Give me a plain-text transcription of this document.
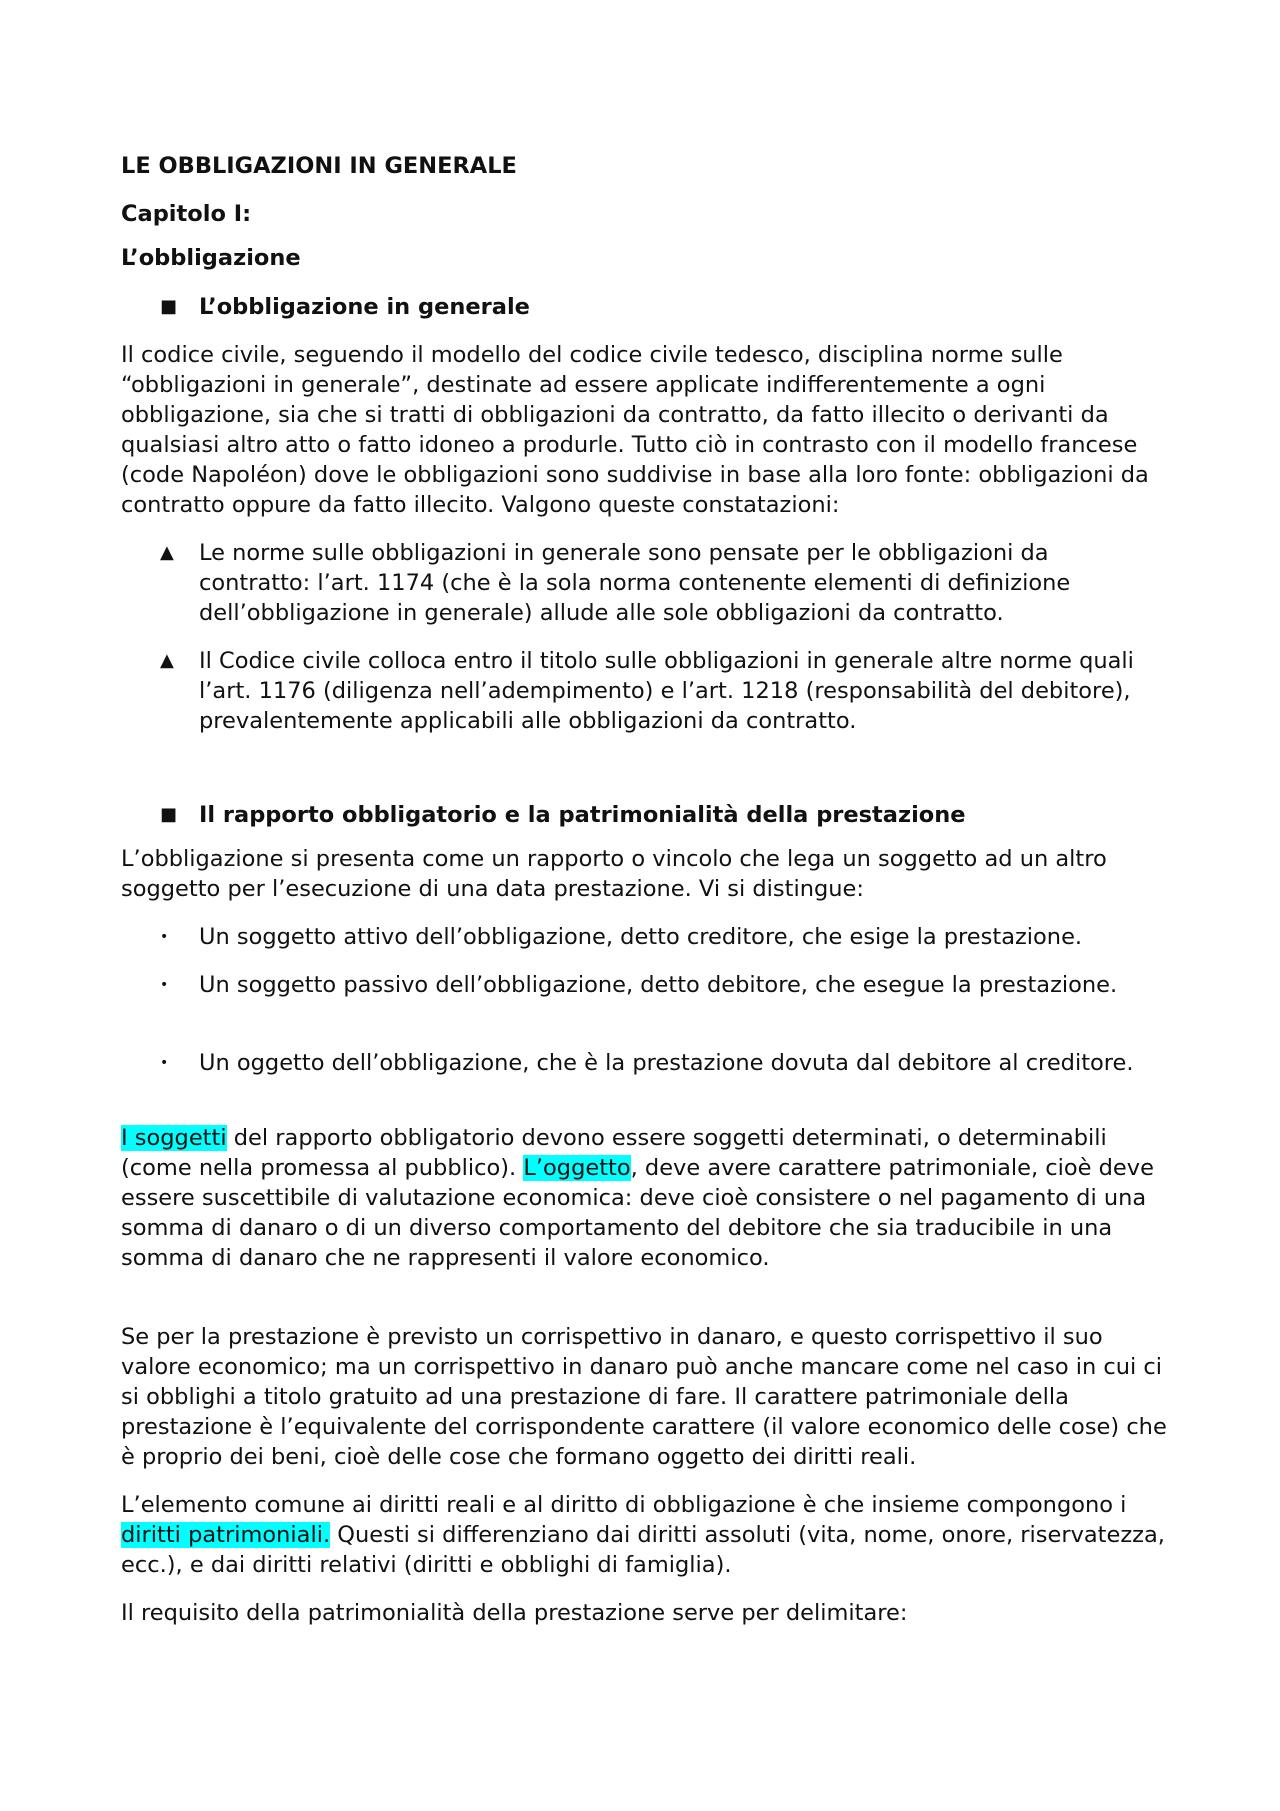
LE OBBLIGAZIONI IN GENERALE
Capitolo I:
L’obbligazione
■ L’obbligazione in generale
Il codice civile, seguendo il modello del codice civile tedesco, disciplina norme sulle “obbligazioni in generale”, destinate ad essere applicate indifferentemente a ogni obbligazione, sia che si tratti di obbligazioni da contratto, da fatto illecito o derivanti da qualsiasi altro atto o fatto idoneo a produrle. Tutto ciò in contrasto con il modello francese (code Napoléon) dove le obbligazioni sono suddivise in base alla loro fonte: obbligazioni da contratto oppure da fatto illecito. Valgono queste constatazioni:
▲ Le norme sulle obbligazioni in generale sono pensate per le obbligazioni da contratto: l’art. 1174 (che è la sola norma contenente elementi di definizione dell’obbligazione in generale) allude alle sole obbligazioni da contratto.
▲ Il Codice civile colloca entro il titolo sulle obbligazioni in generale altre norme quali l’art. 1176 (diligenza nell’adempimento) e l’art. 1218 (responsabilità del debitore), prevalentemente applicabili alle obbligazioni da contratto.
■ Il rapporto obbligatorio e la patrimonialità della prestazione
L’obbligazione si presenta come un rapporto o vincolo che lega un soggetto ad un altro soggetto per l’esecuzione di una data prestazione. Vi si distingue:
• Un soggetto attivo dell’obbligazione, detto creditore, che esige la prestazione.
• Un soggetto passivo dell’obbligazione, detto debitore, che esegue la prestazione.
• Un oggetto dell’obbligazione, che è la prestazione dovuta dal debitore al creditore.
I soggetti del rapporto obbligatorio devono essere soggetti determinati, o determinabili (come nella promessa al pubblico). L’oggetto, deve avere carattere patrimoniale, cioè deve essere suscettibile di valutazione economica: deve cioè consistere o nel pagamento di una somma di danaro o di un diverso comportamento del debitore che sia traducibile in una somma di danaro che ne rappresenti il valore economico.
Se per la prestazione è previsto un corrispettivo in danaro, e questo corrispettivo il suo valore economico; ma un corrispettivo in danaro può anche mancare come nel caso in cui ci si obblighi a titolo gratuito ad una prestazione di fare. Il carattere patrimoniale della prestazione è l’equivalente del corrispondente carattere (il valore economico delle cose) che è proprio dei beni, cioè delle cose che formano oggetto dei diritti reali.
L’elemento comune ai diritti reali e al diritto di obbligazione è che insieme compongono i diritti patrimoniali. Questi si differenziano dai diritti assoluti (vita, nome, onore, riservatezza, ecc.), e dai diritti relativi (diritti e obblighi di famiglia).
Il requisito della patrimonialità della prestazione serve per delimitare:
